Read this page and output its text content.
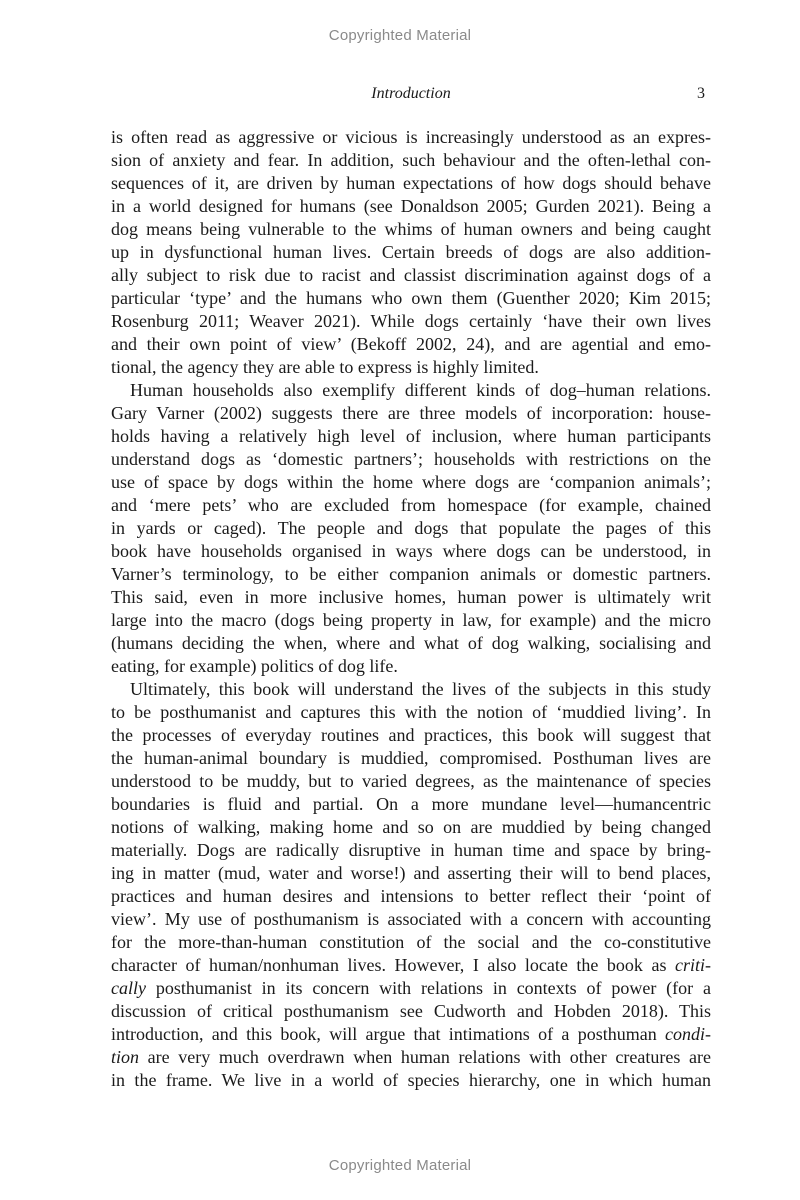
Copyrighted Material
Introduction	3
is often read as aggressive or vicious is increasingly understood as an expres-
sion of anxiety and fear. In addition, such behaviour and the often-lethal con-
sequences of it, are driven by human expectations of how dogs should behave
in a world designed for humans (see Donaldson 2005; Gurden 2021). Being a
dog means being vulnerable to the whims of human owners and being caught
up in dysfunctional human lives. Certain breeds of dogs are also addition-
ally subject to risk due to racist and classist discrimination against dogs of a
particular ‘type’ and the humans who own them (Guenther 2020; Kim 2015;
Rosenburg 2011; Weaver 2021). While dogs certainly ‘have their own lives
and their own point of view’ (Bekoff 2002, 24), and are agential and emo-
tional, the agency they are able to express is highly limited.
Human households also exemplify different kinds of dog–human relations.
Gary Varner (2002) suggests there are three models of incorporation: house-
holds having a relatively high level of inclusion, where human participants
understand dogs as ‘domestic partners’; households with restrictions on the
use of space by dogs within the home where dogs are ‘companion animals’;
and ‘mere pets’ who are excluded from homespace (for example, chained
in yards or caged). The people and dogs that populate the pages of this
book have households organised in ways where dogs can be understood, in
Varner’s terminology, to be either companion animals or domestic partners.
This said, even in more inclusive homes, human power is ultimately writ
large into the macro (dogs being property in law, for example) and the micro
(humans deciding the when, where and what of dog walking, socialising and
eating, for example) politics of dog life.
Ultimately, this book will understand the lives of the subjects in this study
to be posthumanist and captures this with the notion of ‘muddied living’. In
the processes of everyday routines and practices, this book will suggest that
the human-animal boundary is muddied, compromised. Posthuman lives are
understood to be muddy, but to varied degrees, as the maintenance of species
boundaries is fluid and partial. On a more mundane level—humancentric
notions of walking, making home and so on are muddied by being changed
materially. Dogs are radically disruptive in human time and space by bring-
ing in matter (mud, water and worse!) and asserting their will to bend places,
practices and human desires and intensions to better reflect their ‘point of
view’. My use of posthumanism is associated with a concern with accounting
for the more-than-human constitution of the social and the co-constitutive
character of human/nonhuman lives. However, I also locate the book as criti-
cally posthumanist in its concern with relations in contexts of power (for a
discussion of critical posthumanism see Cudworth and Hobden 2018). This
introduction, and this book, will argue that intimations of a posthuman condi-
tion are very much overdrawn when human relations with other creatures are
in the frame. We live in a world of species hierarchy, one in which human
Copyrighted Material
